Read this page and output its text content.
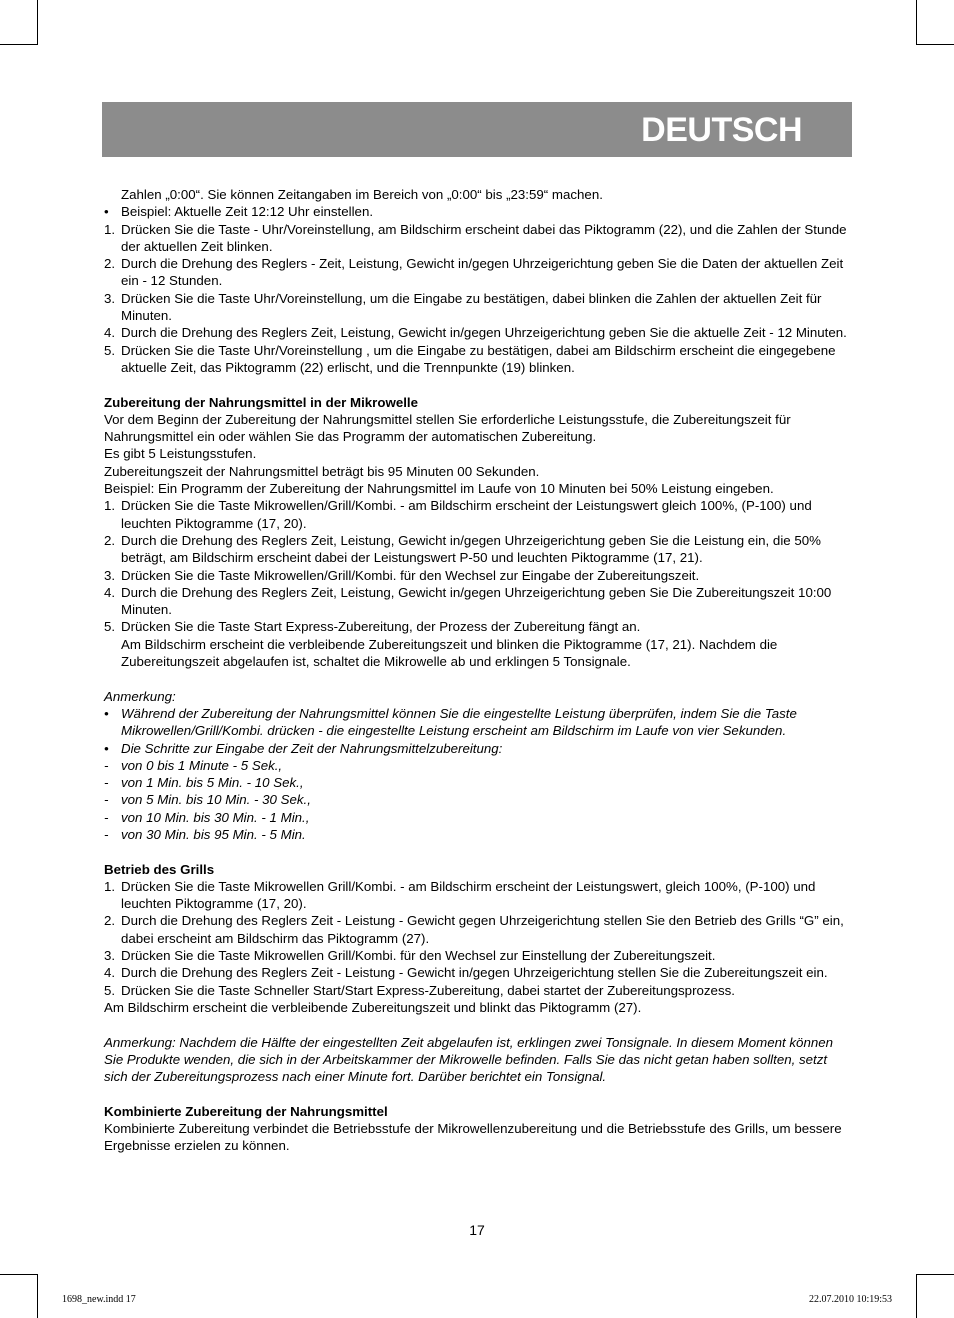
DEUTSCH

Zahlen „0:00“. Sie können Zeitangaben im Bereich von „0:00“ bis „23:59“ machen.

• Beispiel: Aktuelle Zeit 12:12 Uhr einstellen.
1. Drücken Sie die Taste - Uhr/Voreinstellung, am Bildschirm erscheint dabei das Piktogramm (22), und die Zahlen der Stunde der aktuellen Zeit blinken.
2. Durch die Drehung des Reglers - Zeit, Leistung, Gewicht in/gegen Uhrzeigerichtung geben Sie die Daten der aktuellen Zeit ein - 12 Stunden.
3. Drücken Sie die Taste Uhr/Voreinstellung, um die Eingabe zu bestätigen, dabei blinken die Zahlen der aktuellen Zeit für Minuten.
4. Durch die Drehung des Reglers Zeit, Leistung, Gewicht in/gegen Uhrzeigerichtung geben Sie die aktuelle Zeit - 12 Minuten.
5. Drücken Sie die Taste Uhr/Voreinstellung , um die Eingabe zu bestätigen, dabei am Bildschirm erscheint die eingegebene aktuelle Zeit, das Piktogramm (22) erlischt, und die Trennpunkte (19) blinken.

Zubereitung der Nahrungsmittel in der Mikrowelle

Vor dem Beginn der Zubereitung der Nahrungsmittel stellen Sie erforderliche Leistungsstufe, die Zubereitungszeit für Nahrungsmittel ein oder wählen Sie das Programm der automatischen Zubereitung.

Es gibt 5 Leistungsstufen.

Zubereitungszeit der Nahrungsmittel beträgt bis 95 Minuten 00 Sekunden.

Beispiel: Ein Programm der Zubereitung der Nahrungsmittel im Laufe von 10 Minuten bei 50% Leistung eingeben.

1. Drücken Sie die Taste Mikrowellen/Grill/Kombi. - am Bildschirm erscheint der Leistungswert gleich 100%, (P-100) und leuchten Piktogramme (17, 20).
2. Durch die Drehung des Reglers Zeit, Leistung, Gewicht in/gegen Uhrzeigerichtung geben Sie die Leistung ein, die 50% beträgt, am Bildschirm erscheint dabei der Leistungswert P-50 und leuchten Piktogramme (17, 21).
3. Drücken Sie die Taste Mikrowellen/Grill/Kombi. für den Wechsel zur Eingabe der Zubereitungszeit.
4. Durch die Drehung des Reglers Zeit, Leistung, Gewicht in/gegen Uhrzeigerichtung geben Sie Die Zubereitungszeit 10:00 Minuten.
5. Drücken Sie die Taste Start Express-Zubereitung, der Prozess der Zubereitung fängt an.

Am Bildschirm erscheint die verbleibende Zubereitungszeit und blinken die Piktogramme (17, 21). Nachdem die Zubereitungszeit abgelaufen ist, schaltet die Mikrowelle ab und erklingen 5 Tonsignale.

Anmerkung:

• Während der Zubereitung der Nahrungsmittel können Sie die eingestellte Leistung überprüfen, indem Sie die Taste Mikrowellen/Grill/Kombi. drücken - die eingestellte Leistung erscheint am Bildschirm im Laufe von vier Sekunden.
• Die Schritte zur Eingabe der Zeit der Nahrungsmittelzubereitung:
- von 0 bis 1 Minute - 5 Sek.,
- von 1 Min. bis 5 Min. - 10 Sek.,
- von 5 Min. bis 10 Min. - 30 Sek.,
- von 10 Min. bis 30 Min. - 1 Min.,
- von 30 Min. bis 95 Min. - 5 Min.

Betrieb des Grills

1. Drücken Sie die Taste Mikrowellen Grill/Kombi. - am Bildschirm erscheint der Leistungswert, gleich 100%, (P-100) und leuchten Piktogramme (17, 20).
2. Durch die Drehung des Reglers Zeit - Leistung - Gewicht gegen Uhrzeigerichtung stellen Sie den Betrieb des Grills “G” ein, dabei erscheint am Bildschirm das Piktogramm (27).
3. Drücken Sie die Taste Mikrowellen Grill/Kombi. für den Wechsel zur Einstellung der Zubereitungszeit.
4. Durch die Drehung des Reglers Zeit - Leistung - Gewicht in/gegen Uhrzeigerichtung stellen Sie die Zubereitungszeit ein.
5. Drücken Sie die Taste Schneller Start/Start Express-Zubereitung, dabei startet der Zubereitungsprozess.

Am Bildschirm erscheint die verbleibende Zubereitungszeit und blinkt das Piktogramm (27).

Anmerkung: Nachdem die Hälfte der eingestellten Zeit abgelaufen ist, erklingen zwei Tonsignale. In diesem Moment können Sie Produkte wenden, die sich in der Arbeitskammer der Mikrowelle befinden. Falls Sie das nicht getan haben sollten, setzt sich der Zubereitungsprozess nach einer Minute fort. Darüber berichtet ein Tonsignal.

Kombinierte Zubereitung der Nahrungsmittel

Kombinierte Zubereitung verbindet die Betriebsstufe der Mikrowellenzubereitung und die Betriebsstufe des Grills, um bessere Ergebnisse erzielen zu können.

17
1698_new.indd 17	22.07.2010 10:19:53
